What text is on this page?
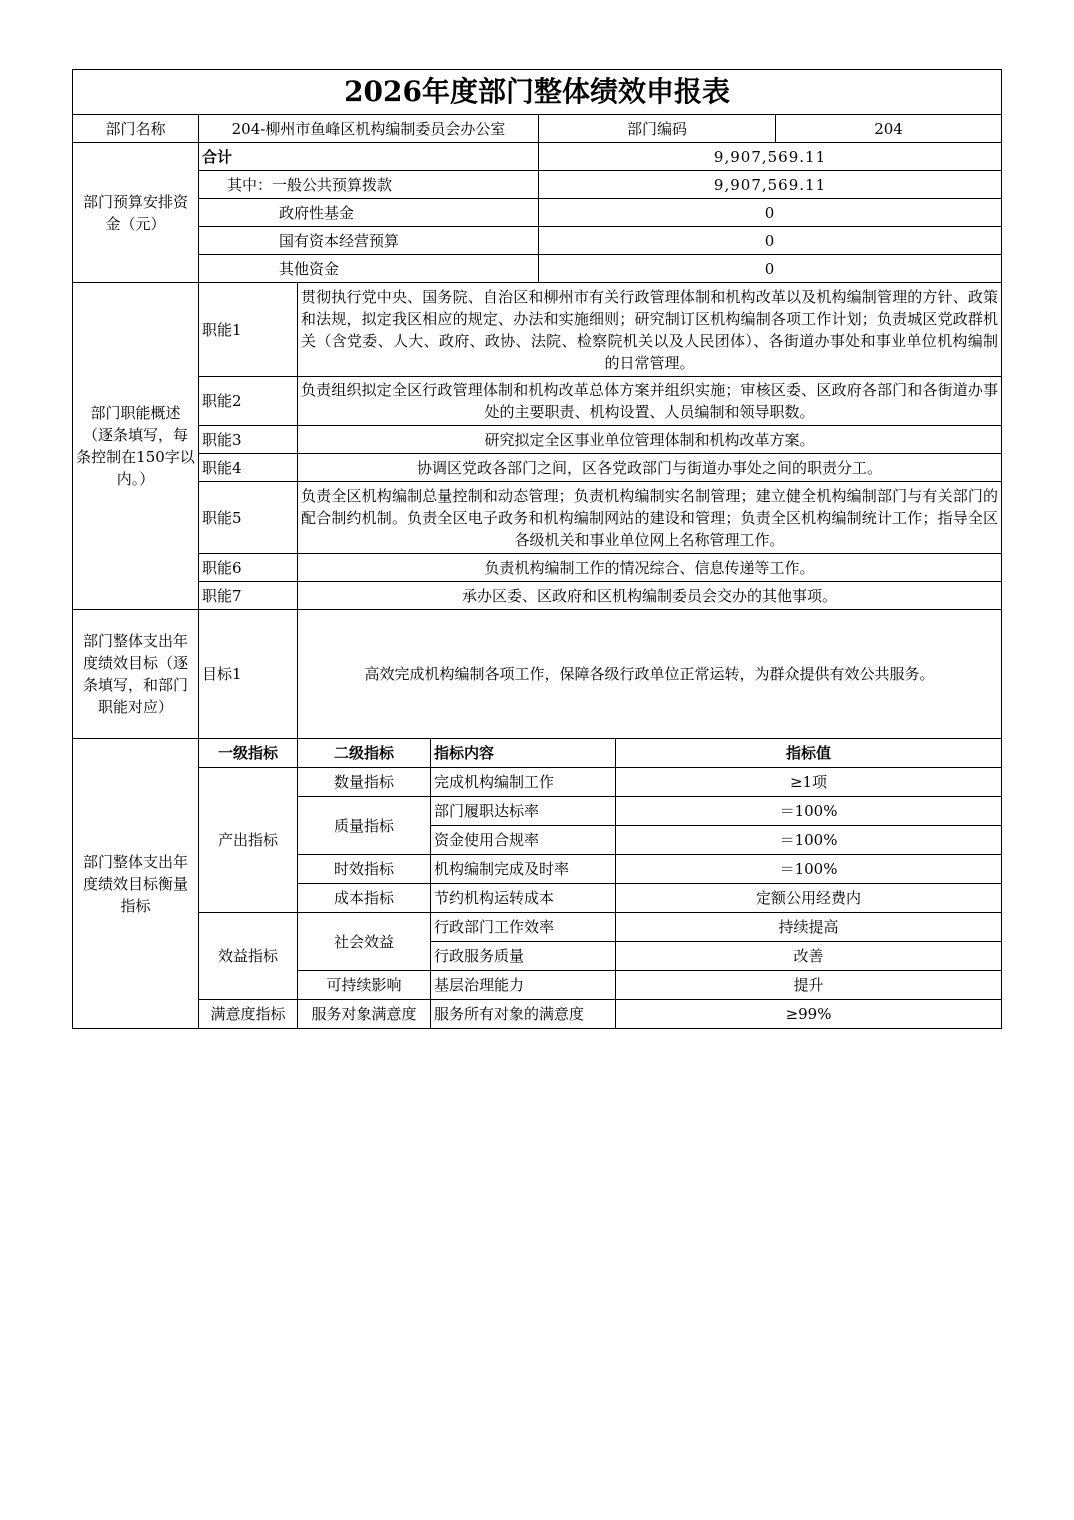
2026年度部门整体绩效申报表						
部门名称	204-柳州市鱼峰区机构编制委员会办公室			部门编码		204
部门预算安排资金（元）	合计			9,907,569.11		
	其中：一般公共预算拨款			9,907,569.11		
	政府性基金			0		
	国有资本经营预算			0		
	其他资金			0		
部门职能概述（逐条填写，每条控制在150字以内。）	职能1	贯彻执行党中央、国务院、自治区和柳州市有关行政管理体制和机构改革以及机构编制管理的方针、政策和法规，拟定我区相应的规定、办法和实施细则；研究制订区机构编制各项工作计划；负责城区党政群机关（含党委、人大、政府、政协、法院、检察院机关以及人民团体）、各街道办事处和事业单位机构编制的日常管理。				
	职能2	负责组织拟定全区行政管理体制和机构改革总体方案并组织实施；审核区委、区政府各部门和各街道办事处的主要职责、机构设置、人员编制和领导职数。				
	职能3	研究拟定全区事业单位管理体制和机构改革方案。				
	职能4	协调区党政各部门之间，区各党政部门与街道办事处之间的职责分工。				
	职能5	负责全区机构编制总量控制和动态管理；负责机构编制实名制管理；建立健全机构编制部门与有关部门的配合制约机制。负责全区电子政务和机构编制网站的建设和管理；负责全区机构编制统计工作；指导全区各级机关和事业单位网上名称管理工作。				
	职能6	负责机构编制工作的情况综合、信息传递等工作。				
	职能7	承办区委、区政府和区机构编制委员会交办的其他事项。				
部门整体支出年度绩效目标（逐条填写，和部门职能对应）	目标1	高效完成机构编制各项工作，保障各级行政单位正常运转，为群众提供有效公共服务。				
部门整体支出年度绩效目标衡量指标	一级指标	二级指标	指标内容		指标值	
	产出指标	数量指标	完成机构编制工作		≥1项	
		质量指标	部门履职达标率		＝100%	
			资金使用合规率		＝100%	
		时效指标	机构编制完成及时率		＝100%	
		成本指标	节约机构运转成本		定额公用经费内	
	效益指标	社会效益	行政部门工作效率		持续提高	
			行政服务质量		改善	
		可持续影响	基层治理能力		提升	
	满意度指标	服务对象满意度	服务所有对象的满意度		≥99%	
